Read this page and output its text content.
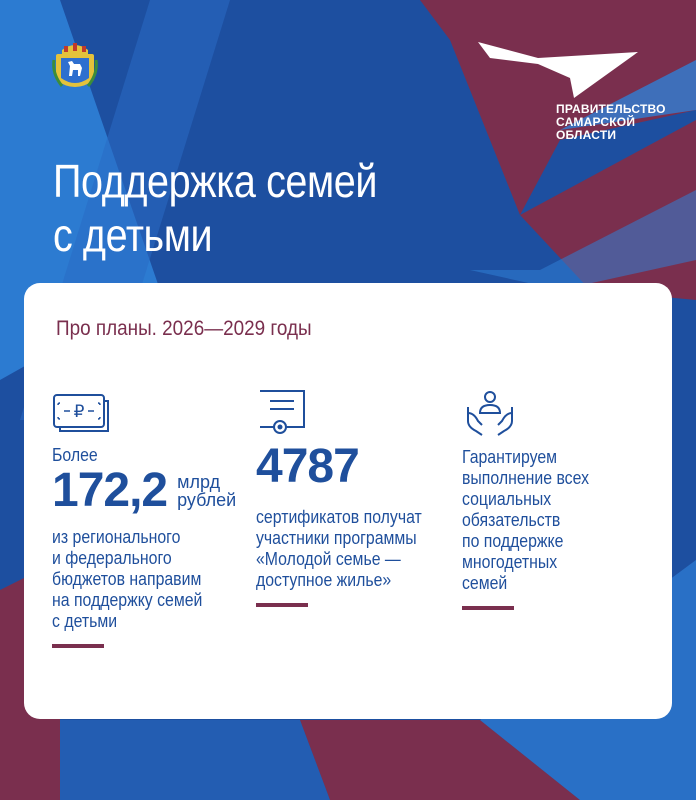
ПРАВИТЕЛЬСТВО
САМАРСКОЙ
ОБЛАСТИ
Поддержка семей
с детьми
Про планы. 2026—2029 годы
₽
Более
172,2 млрд
рублей
из регионального
и федерального
бюджетов направим
на поддержку семей
с детьми
4787
сертификатов получат
участники программы
«Молодой семье —
доступное жилье»
Гарантируем
выполнение всех
социальных
обязательств
по поддержке
многодетных
семей
